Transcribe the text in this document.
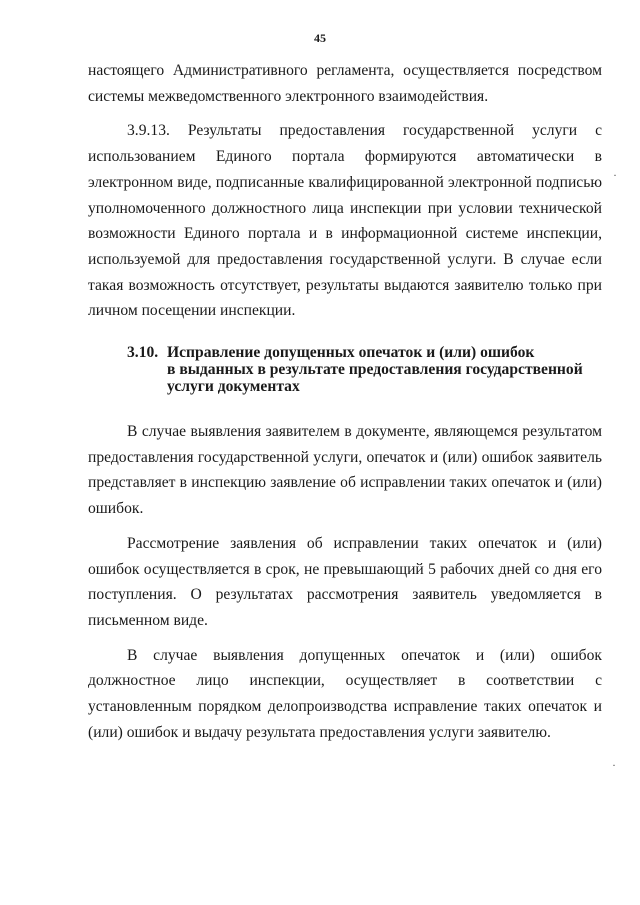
45

настоящего Административного регламента, осуществляется посредством системы межведомственного электронного взаимодействия.

3.9.13. Результаты предоставления государственной услуги с использованием Единого портала формируются автоматически в электронном виде, подписанные квалифицированной электронной подписью уполномоченного должностного лица инспекции при условии технической возможности Единого портала и в информационной системе инспекции, используемой для предоставления государственной услуги. В случае если такая возможность отсутствует, результаты выдаются заявителю только при личном посещении инспекции.

3.10. Исправление допущенных опечаток и (или) ошибок
в выданных в результате предоставления государственной
услуги документах

В случае выявления заявителем в документе, являющемся результатом предоставления государственной услуги, опечаток и (или) ошибок заявитель представляет в инспекцию заявление об исправлении таких опечаток и (или) ошибок.

Рассмотрение заявления об исправлении таких опечаток и (или) ошибок осуществляется в срок, не превышающий 5 рабочих дней со дня его поступления. О результатах рассмотрения заявитель уведомляется в письменном виде.

В случае выявления допущенных опечаток и (или) ошибок должностное лицо инспекции, осуществляет в соответствии с установленным порядком делопроизводства исправление таких опечаток и (или) ошибок и выдачу результата предоставления услуги заявителю.

·
·
